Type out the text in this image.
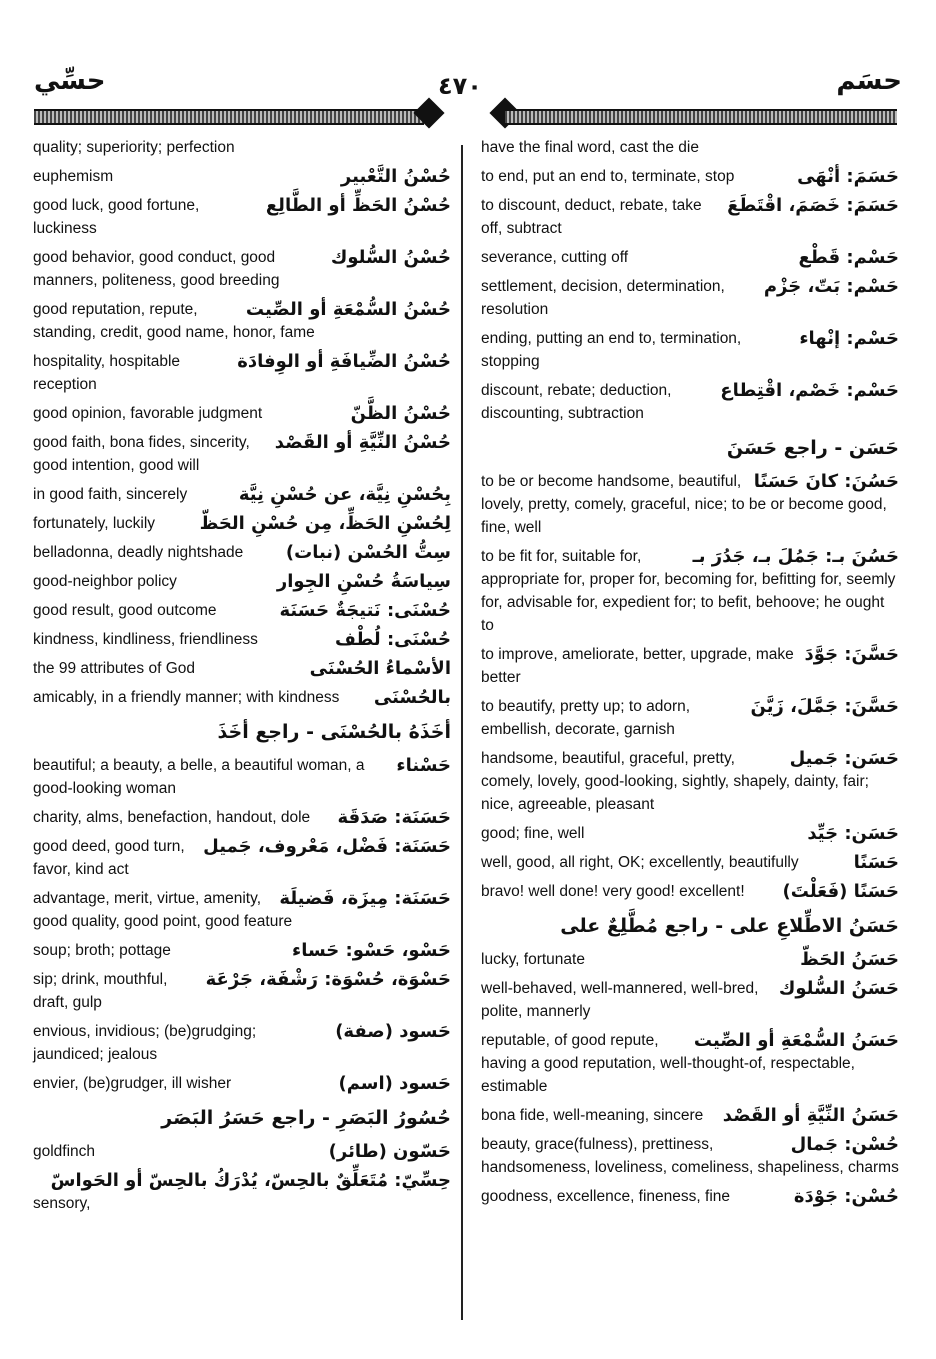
حسِّي	٤٧٠	حسَم
quality; superiority; perfection
حُسْنُ التَّعْبير
euphemism
حُسْنُ الحَظِّ أو الطَّالِع
good luck, good fortune, luckiness
حُسْنُ السُّلوك
good behavior, good conduct, good manners, politeness, good breeding
حُسْنُ السُّمْعَةِ أو الصِّيت
good reputation, repute, standing, credit, good name, honor, fame
حُسْنُ الضِّيافَةِ أو الوِفادَة
hospitality, hospitable reception
حُسْنُ الظَّنّ
good opinion, favorable judgment
حُسْنُ النِّيَّةِ أو القَصْد
good faith, bona fides, sincerity, good intention, good will
بِحُسْنِ نِيَّة، عن حُسْنِ نِيَّة
in good faith, sincerely
لِحُسْنِ الحَظِّ، مِن حُسْنِ الحَظّ
fortunately, luckily
سِتُّ الحُسْن (نبات)
belladonna, deadly nightshade
سِياسَةُ حُسْنِ الجِوار
good-neighbor policy
حُسْنَى: نَتيجَةٌ حَسَنَة
good result, good outcome
حُسْنَى: لُطْف
kindness, kindliness, friendliness
الأسْماءُ الحُسْنَى
the 99 attributes of God
بالحُسْنَى
amicably, in a friendly manner; with kindness
أخَذَهُ بالحُسْنَى - راجع أخَذَ
حَسْناء
beautiful; a beauty, a belle, a beautiful woman, a good-looking woman
حَسَنَة: صَدَقَة
charity, alms, benefaction, handout, dole
حَسَنَة: فَضْل، مَعْروف، جَميل
good deed, good turn, favor, kind act
حَسَنَة: مِيزَة، فَضيلَة
advantage, merit, virtue, amenity, good quality, good point, good feature
حَسْو، حَسْو: حَساء
soup; broth; pottage
حَسْوَة، حُسْوَة: رَشْفَة، جَرْعَة
sip; drink, mouthful, draft, gulp
حَسود (صفة)
envious, invidious; (be)grudging; jaundiced; jealous
حَسود (اسم)
envier, (be)grudger, ill wisher
حُسُورُ البَصَرِ - راجع حَسَرُ البَصَر
حَسّون (طائر)
goldfinch
حِسِّيّ: مُتَعَلِّقٌ بالحِسّ، يُدْرَكُ بالحِسّ أو الحَواسّ
sensory,
have the final word, cast the die
حَسَمَ: أنْهَى
to end, put an end to, terminate, stop
حَسَمَ: خَصَمَ، اقْتَطَعَ
to discount, deduct, rebate, take off, subtract
حَسْم: قَطْع
severance, cutting off
حَسْم: بَتّ، جَزْم
settlement, decision, determination, resolution
حَسْم: إنْهاء
ending, putting an end to, termination, stopping
حَسْم: خَصْم، اقْتِطاع
discount, rebate; deduction, discounting, subtraction
حَسَن - راجع حَسَنَ
حَسُنَ: كانَ حَسَنًا
to be or become handsome, beautiful, lovely, pretty, comely, graceful, nice; to be or become good, fine, well
حَسُنَ بـ: جَمُلَ بـ، جَدُرَ بـ
to be fit for, suitable for, appropriate for, proper for, becoming for, befitting for, seemly for, advisable for, expedient for; to befit, behoove; he ought to
حَسَّنَ: جَوَّدَ
to improve, ameliorate, better, upgrade, make better
حَسَّنَ: جَمَّلَ، زَيَّنَ
to beautify, pretty up; to adorn, embellish, decorate, garnish
حَسَن: جَميل
handsome, beautiful, graceful, pretty, comely, lovely, good-looking, sightly, shapely, dainty, fair; nice, agreeable, pleasant
حَسَن: جَيِّد
good; fine, well
حَسَنًا
well, good, all right, OK; excellently, beautifully
حَسَنًا (فَعَلْتَ)
bravo! well done! very good! excellent!
حَسَنُ الاطِّلاعِ على - راجع مُطَّلِعٌ على
حَسَنُ الحَظّ
lucky, fortunate
حَسَنُ السُّلوك
well-behaved, well-mannered, well-bred, polite, mannerly
حَسَنُ السُّمْعَةِ أو الصِّيت
reputable, of good repute, having a good reputation, well-thought-of, respectable, estimable
حَسَنُ النِّيَّةِ أو القَصْد
bona fide, well-meaning, sincere
حُسْن: جَمال
beauty, grace(fulness), prettiness, handsomeness, loveliness, comeliness, shapeliness, charms
حُسْن: جَوْدَة
goodness, excellence, fineness, fine
